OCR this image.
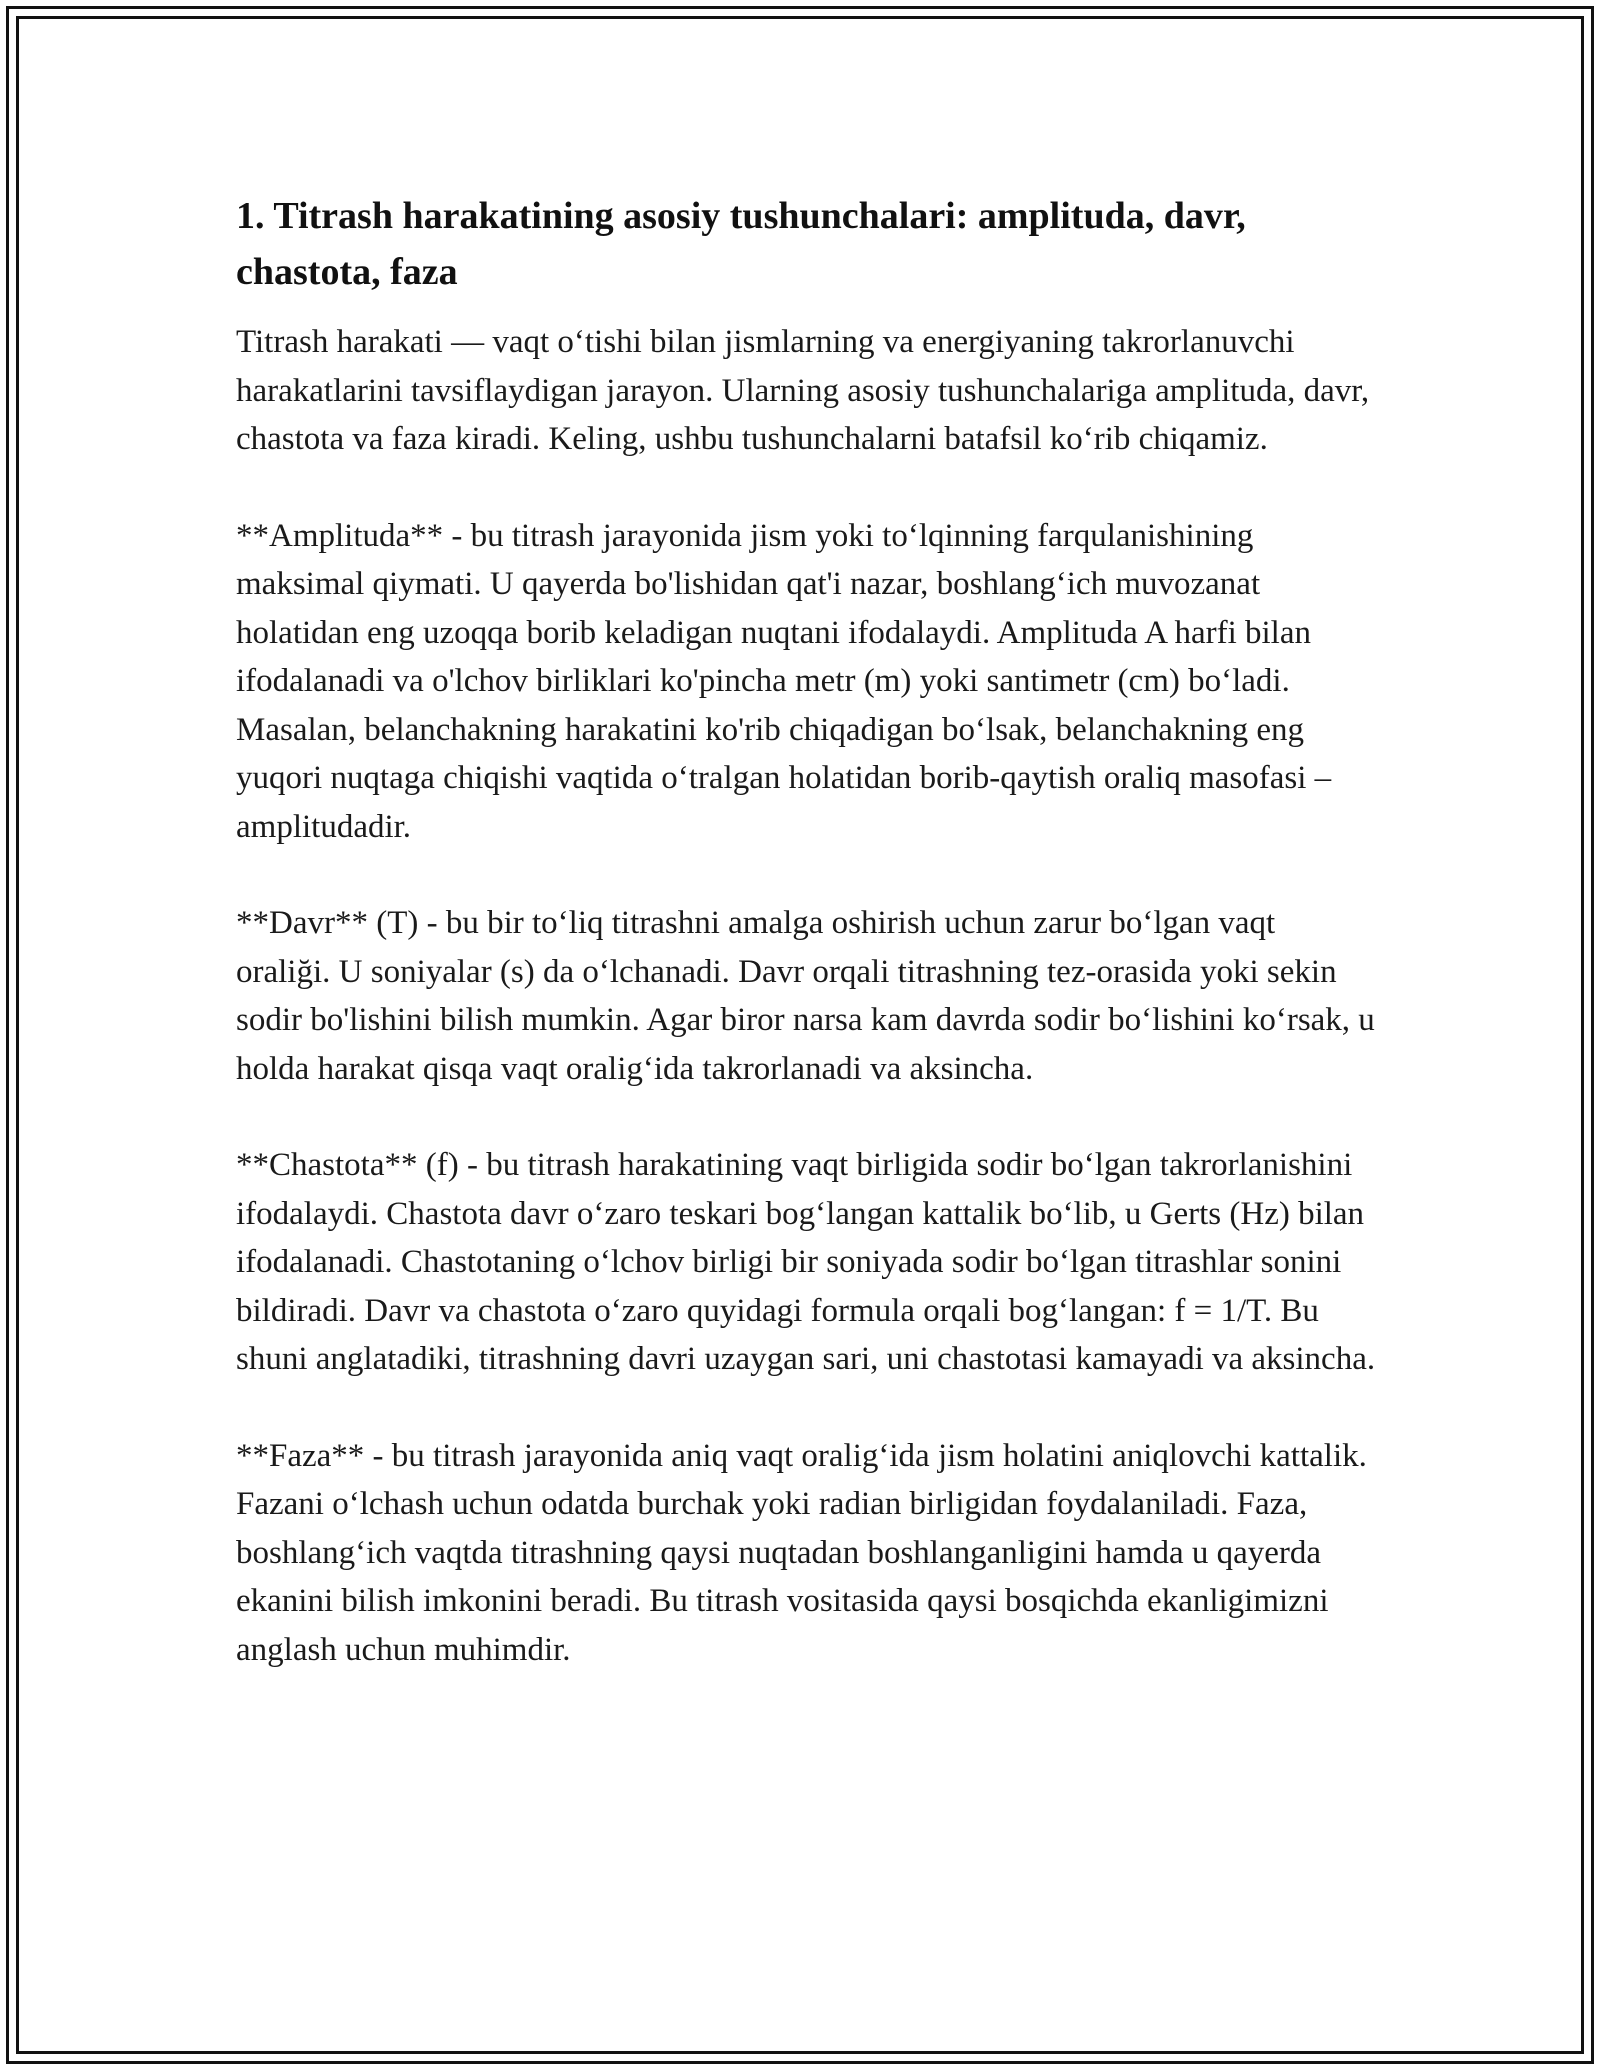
1. Titrash harakatining asosiy tushunchalari: amplituda, davr, chastota, faza

Titrash harakati — vaqt o‘tishi bilan jismlarning va energiyaning takrorlanuvchi harakatlarini tavsiflaydigan jarayon. Ularning asosiy tushunchalariga amplituda, davr, chastota va faza kiradi. Keling, ushbu tushunchalarni batafsil ko‘rib chiqamiz.

**Amplituda** - bu titrash jarayonida jism yoki to‘lqinning farqulanishining maksimal qiymati. U qayerda bo'lishidan qat'i nazar, boshlang‘ich muvozanat holatidan eng uzoqqa borib keladigan nuqtani ifodalaydi. Amplituda A harfi bilan ifodalanadi va o'lchov birliklari ko'pincha metr (m) yoki santimetr (cm) bo‘ladi. Masalan, belanchakning harakatini ko'rib chiqadigan bo‘lsak, belanchakning eng yuqori nuqtaga chiqishi vaqtida o‘tralgan holatidan borib-qaytish oraliq masofasi – amplitudadir.

**Davr** (T) - bu bir to‘liq titrashni amalga oshirish uchun zarur bo‘lgan vaqt oraliği. U soniyalar (s) da o‘lchanadi. Davr orqali titrashning tez-orasida yoki sekin sodir bo'lishini bilish mumkin. Agar biror narsa kam davrda sodir bo‘lishini ko‘rsak, u holda harakat qisqa vaqt oralig‘ida takrorlanadi va aksincha.

**Chastota** (f) - bu titrash harakatining vaqt birligida sodir bo‘lgan takrorlanishini ifodalaydi. Chastota davr o‘zaro teskari bog‘langan kattalik bo‘lib, u Gerts (Hz) bilan ifodalanadi. Chastotaning o‘lchov birligi bir soniyada sodir bo‘lgan titrashlar sonini bildiradi. Davr va chastota o‘zaro quyidagi formula orqali bog‘langan: f = 1/T. Bu shuni anglatadiki, titrashning davri uzaygan sari, uni chastotasi kamayadi va aksincha.

**Faza** - bu titrash jarayonida aniq vaqt oralig‘ida jism holatini aniqlovchi kattalik. Fazani o‘lchash uchun odatda burchak yoki radian birligidan foydalaniladi. Faza, boshlang‘ich vaqtda titrashning qaysi nuqtadan boshlanganligini hamda u qayerda ekanini bilish imkonini beradi. Bu titrash vositasida qaysi bosqichda ekanligimizni anglash uchun muhimdir.
